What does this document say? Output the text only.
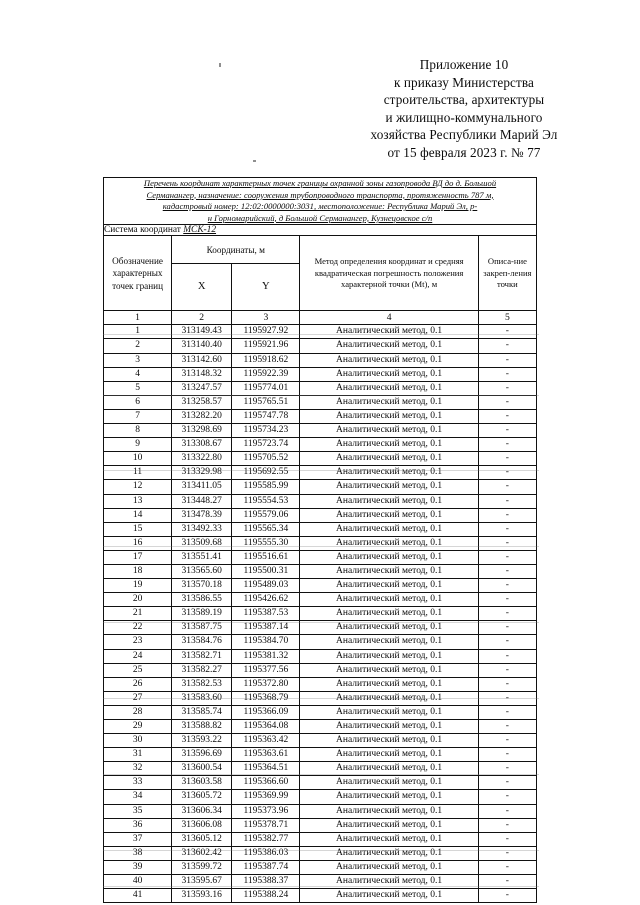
Приложение 10
к приказу Министерства
строительства, архитектуры
и жилищно-коммунального
хозяйства Республики Марий Эл
от 15 февраля 2023 г. № 77
Перечень координат характерных точек границы охранной зоны газопровода ВД до д. Большой
Серманангер, назначение: сооружения трубопроводного транспорта, протяженность 787 м,
кадастровый номер: 12:02:0000000:3031, местоположение: Республика Марий Эл, р-
н Горномарийский, д Большой Серманангер, Кузнецовское с/п				

Система координат МСК-12				
Обозначение характерных точек границ	Координаты, м		Метод определения координат и средняя квадратическая погрешность положения характерной точки (Mt), м	Описа-ние закреп-ления точки
	X	Y		
1	2	3	4	5
1	313149.43	1195927.92	Аналитический метод, 0.1	-
2	313140.40	1195921.96	Аналитический метод, 0.1	-
3	313142.60	1195918.62	Аналитический метод, 0.1	-
4	313148.32	1195922.39	Аналитический метод, 0.1	-
5	313247.57	1195774.01	Аналитический метод, 0.1	-
6	313258.57	1195765.51	Аналитический метод, 0.1	-
7	313282.20	1195747.78	Аналитический метод, 0.1	-
8	313298.69	1195734.23	Аналитический метод, 0.1	-
9	313308.67	1195723.74	Аналитический метод, 0.1	-
10	313322.80	1195705.52	Аналитический метод, 0.1	-
11	313329.98	1195692.55	Аналитический метод, 0.1	-
12	313411.05	1195585.99	Аналитический метод, 0.1	-
13	313448.27	1195554.53	Аналитический метод, 0.1	-
14	313478.39	1195579.06	Аналитический метод, 0.1	-
15	313492.33	1195565.34	Аналитический метод, 0.1	-
16	313509.68	1195555.30	Аналитический метод, 0.1	-
17	313551.41	1195516.61	Аналитический метод, 0.1	-
18	313565.60	1195500.31	Аналитический метод, 0.1	-
19	313570.18	1195489.03	Аналитический метод, 0.1	-
20	313586.55	1195426.62	Аналитический метод, 0.1	-
21	313589.19	1195387.53	Аналитический метод, 0.1	-
22	313587.75	1195387.14	Аналитический метод, 0.1	-
23	313584.76	1195384.70	Аналитический метод, 0.1	-
24	313582.71	1195381.32	Аналитический метод, 0.1	-
25	313582.27	1195377.56	Аналитический метод, 0.1	-
26	313582.53	1195372.80	Аналитический метод, 0.1	-
27	313583.60	1195368.79	Аналитический метод, 0.1	-
28	313585.74	1195366.09	Аналитический метод, 0.1	-
29	313588.82	1195364.08	Аналитический метод, 0.1	-
30	313593.22	1195363.42	Аналитический метод, 0.1	-
31	313596.69	1195363.61	Аналитический метод, 0.1	-
32	313600.54	1195364.51	Аналитический метод, 0.1	-
33	313603.58	1195366.60	Аналитический метод, 0.1	-
34	313605.72	1195369.99	Аналитический метод, 0.1	-
35	313606.34	1195373.96	Аналитический метод, 0.1	-
36	313606.08	1195378.71	Аналитический метод, 0.1	-
37	313605.12	1195382.77	Аналитический метод, 0.1	-
38	313602.42	1195386.03	Аналитический метод, 0.1	-
39	313599.72	1195387.74	Аналитический метод, 0.1	-
40	313595.67	1195388.37	Аналитический метод, 0.1	-
41	313593.16	1195388.24	Аналитический метод, 0.1	-
